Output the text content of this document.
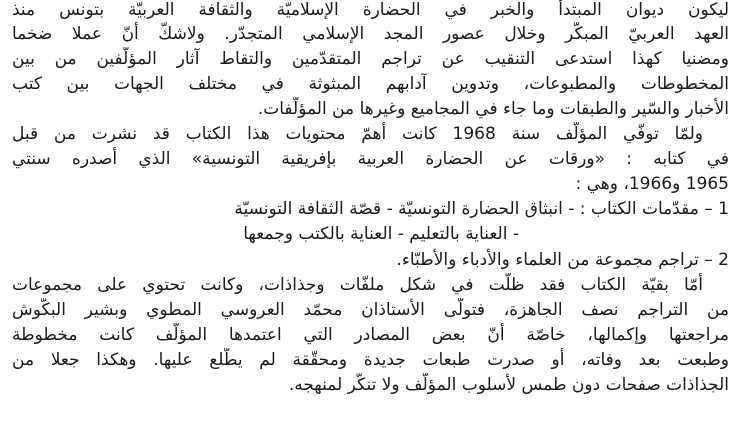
ليكون ديوان المبتدأ والخبر في الحضارة الإسلاميّة والثقافة العربيّة بتونس منذ
العهد العربيّ المبكّر وخلال عصور المجد الإسلامي المتجدّر. ولاشكّ أنّ عملا ضخما
ومضنيا كهذا استدعى التنقيب عن تراجم المتقدّمين والتقاط آثار المؤلّفين من بين
المخطوطات والمطبوعات، وتدوين آدابهم المبثوثة في مختلف الجهات بين كتب
الأخبار والسّير والطبقات وما جاء في المجاميع وغيرها من المؤلّفات.
ولمّا توفّي المؤلّف سنة 1968 كانت أهمّ محتويات هذا الكتاب قد نشرت من قبل
في كتابه : «ورقات عن الحضارة العربية بإفريقية التونسية» الذي أصدره سنتي
1965 و1966، وهي :
1 – مقدّمات الكتاب : - انبثاق الحضارة التونسيّة - قصّة الثقافة التونسيّة
- العناية بالتعليم - العناية بالكتب وجمعها
2 – تراجم مجموعة من العلماء والأدباء والأطبّاء.
أمّا بقيّة الكتاب فقد ظلّت في شكل ملفّات وجذاذات، وكانت تحتوي على مجموعات
من التراجم نصف الجاهزة، فتولّى الأستاذان محمّد العروسي المطوي وبشير البكّوش
مراجعتها وإكمالها، خاصّة أنّ بعض المصادر التي اعتمدها المؤلّف كانت مخطوطة
وطبعت بعد وفاته، أو صدرت طبعات جديدة ومحقّقة لم يطّلع عليها. وهكذا جعلا من
الجذاذات صفحات دون طمس لأسلوب المؤلّف ولا تنكّر لمنهجه.
